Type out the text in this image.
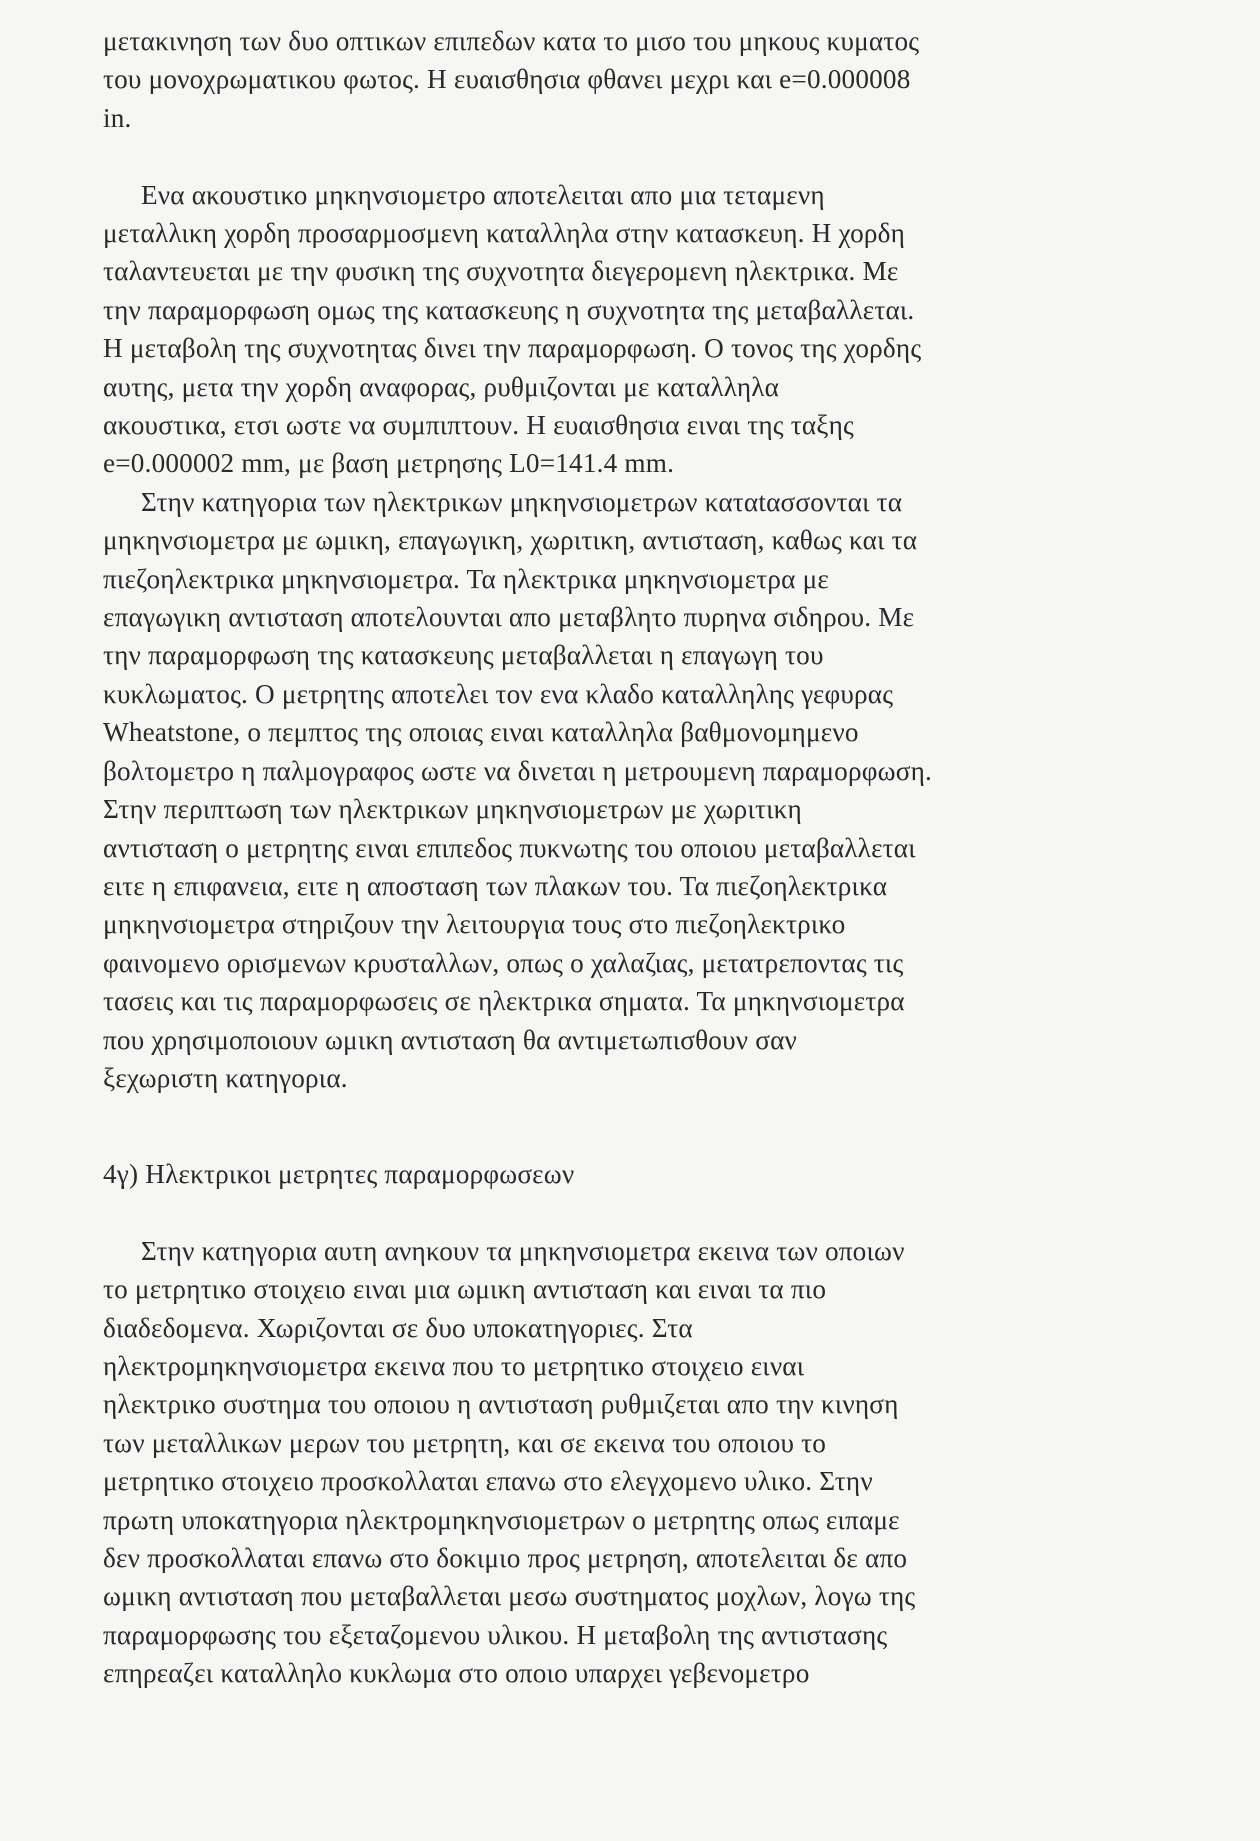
μετακινηση των δυο οπτικων επιπεδων κατα το μισο του μηκους κυματος
του μονοχρωματικου φωτος. Η ευαισθησια φθανει μεχρι και e=0.000008
in.
Ενα ακουστικο μηκηνσιομετρο αποτελειται απο μια τεταμενη
μεταλλικη χορδη προσαρμοσμενη καταλληλα στην κατασκευη. Η χορδη
ταλαντευεται με την φυσικη της συχνοτητα διεγερομενη ηλεκτρικα. Με
την παραμορφωση ομως της κατασκευης η συχνοτητα της μεταβαλλεται.
Η μεταβολη της συχνοτητας δινει την παραμορφωση. Ο τονος της χορδης
αυτης, μετα την χορδη αναφορας, ρυθμιζονται με καταλληλα
ακουστικα, ετσι ωστε να συμπιπτουν. Η ευαισθησια ειναι της ταξης
e=0.000002 mm, με βαση μετρησης L0=141.4 mm.
Στην κατηγορια των ηλεκτρικων μηκηνσιομετρων καταtασσονται τα
μηκηνσιομετρα με ωμικη, επαγωγικη, χωριτικη, αντισταση, καθως και τα
πιεζοηλεκτρικα μηκηνσιομετρα. Τα ηλεκτρικα μηκηνσιομετρα με
επαγωγικη αντισταση αποτελουνται απο μεταβλητο πυρηνα σιδηρου. Με
την παραμορφωση της κατασκευης μεταβαλλεται η επαγωγη του
κυκλωματος. Ο μετρητης αποτελει τον ενα κλαδο καταλληλης γεφυρας
Wheatstone, ο πεμπτος της οποιας ειναι καταλληλα βαθμονομημενο
βολτομετρο η παλμογραφος ωστε να δινεται η μετρουμενη παραμορφωση.
Στην περιπτωση των ηλεκτρικων μηκηνσιομετρων με χωριτικη
αντισταση ο μετρητης ειναι επιπεδος πυκνωτης του οποιου μεταβαλλεται
ειτε η επιφανεια, ειτε η αποσταση των πλακων του. Τα πιεζοηλεκτρικα
μηκηνσιομετρα στηριζουν την λειτουργια τους στο πιεζοηλεκτρικο
φαινομενο ορισμενων κρυσταλλων, οπως ο χαλαζιας, μετατρεποντας τις
τασεις και τις παραμορφωσεις σε ηλεκτρικα σηματα. Τα μηκηνσιομετρα
που χρησιμοποιουν ωμικη αντισταση θα αντιμετωπισθουν σαν
ξεχωριστη κατηγορια.
4γ) Ηλεκτρικοι μετρητες παραμορφωσεων
Στην κατηγορια αυτη ανηκουν τα μηκηνσιομετρα εκεινα των οποιων
το μετρητικο στοιχειο ειναι μια ωμικη αντισταση και ειναι τα πιο
διαδεδομενα. Χωριζονται σε δυο υποκατηγοριες. Στα
ηλεκτρομηκηνσιομετρα εκεινα που το μετρητικο στοιχειο ειναι
ηλεκτρικο συστημα του οποιου η αντισταση ρυθμιζεται απο την κινηση
των μεταλλικων μερων του μετρητη, και σε εκεινα του οποιου το
μετρητικο στοιχειο προσκολλαται επανω στο ελεγχομενο υλικο. Στην
πρωτη υποκατηγορια ηλεκτρομηκηνσιομετρων ο μετρητης οπως ειπαμε
δεν προσκολλαται επανω στο δοκιμιο προς μετρηση, αποτελειται δε απο
ωμικη αντισταση που μεταβαλλεται μεσω συστηματος μοχλων, λογω της
παραμορφωσης του εξεταζομενου υλικου. Η μεταβολη της αντιστασης
επηρεαζει καταλληλο κυκλωμα στο οποιο υπαρχει γεβενομετρο
